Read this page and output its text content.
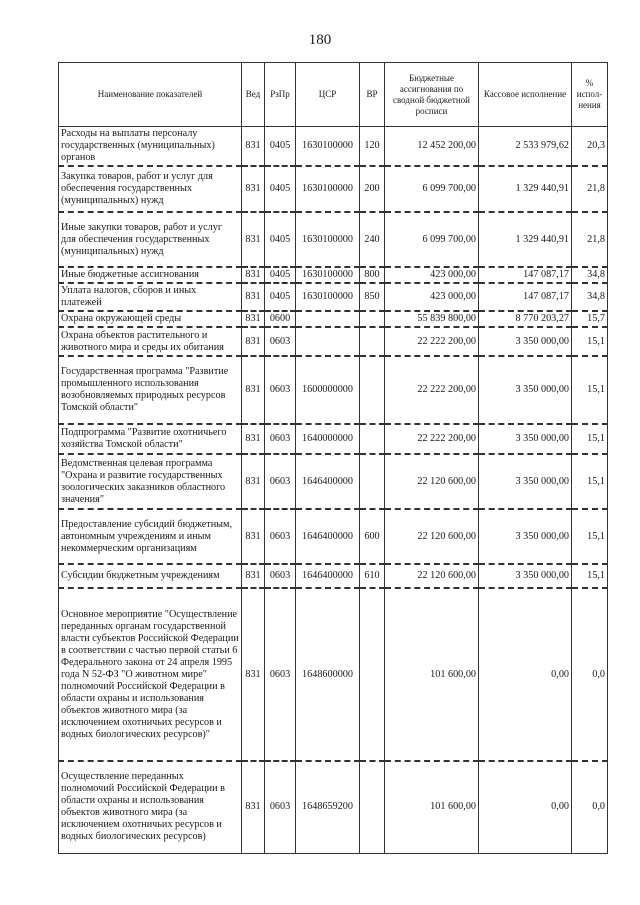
180
Наименование показателей	Вед	РзПр	ЦСР	ВР	Бюджетные ассигнования по сводной бюджетной росписи	Кассовое исполнение	% испол-нения
Расходы на выплаты персоналу государственных (муниципальных) органов	831	0405	1630100000	120	12 452 200,00	2 533 979,62	20,3
Закупка товаров, работ и услуг для обеспечения государственных (муниципальных) нужд	831	0405	1630100000	200	6 099 700,00	1 329 440,91	21,8
Иные закупки товаров, работ и услуг для обеспечения государственных (муниципальных) нужд	831	0405	1630100000	240	6 099 700,00	1 329 440,91	21,8
Иные бюджетные ассигнования	831	0405	1630100000	800	423 000,00	147 087,17	34,8
Уплата налогов, сборов и иных платежей	831	0405	1630100000	850	423 000,00	147 087,17	34,8
Охрана окружающей среды	831	0600			55 839 800,00	8 770 203,27	15,7
Охрана объектов растительного и животного мира и среды их обитания	831	0603			22 222 200,00	3 350 000,00	15,1
Государственная программа "Развитие промышленного использования возобновляемых природных ресурсов Томской области"	831	0603	1600000000		22 222 200,00	3 350 000,00	15,1
Подпрограмма "Развитие охотничьего хозяйства Томской области"	831	0603	1640000000		22 222 200,00	3 350 000,00	15,1
Ведомственная целевая программа "Охрана и развитие государственных зоологических заказников областного значения"	831	0603	1646400000		22 120 600,00	3 350 000,00	15,1
Предоставление субсидий бюджетным, автономным учреждениям и иным некоммерческим организациям	831	0603	1646400000	600	22 120 600,00	3 350 000,00	15,1
Субсидии бюджетным учреждениям	831	0603	1646400000	610	22 120 600,00	3 350 000,00	15,1
Основное мероприятие "Осуществление переданных органам государственной власти субъектов Российской Федерации в соответствии с частью первой статьи 6 Федерального закона от 24 апреля 1995 года N 52-ФЗ "О животном мире" полномочий Российской Федерации в области охраны и использования объектов животного мира (за исключением охотничьих ресурсов и водных биологических ресурсов)"	831	0603	1648600000		101 600,00	0,00	0,0
Осуществление переданных полномочий Российской Федерации в области охраны и использования объектов животного мира (за исключением охотничьих ресурсов и водных биологических ресурсов)	831	0603	1648659200		101 600,00	0,00	0,0
